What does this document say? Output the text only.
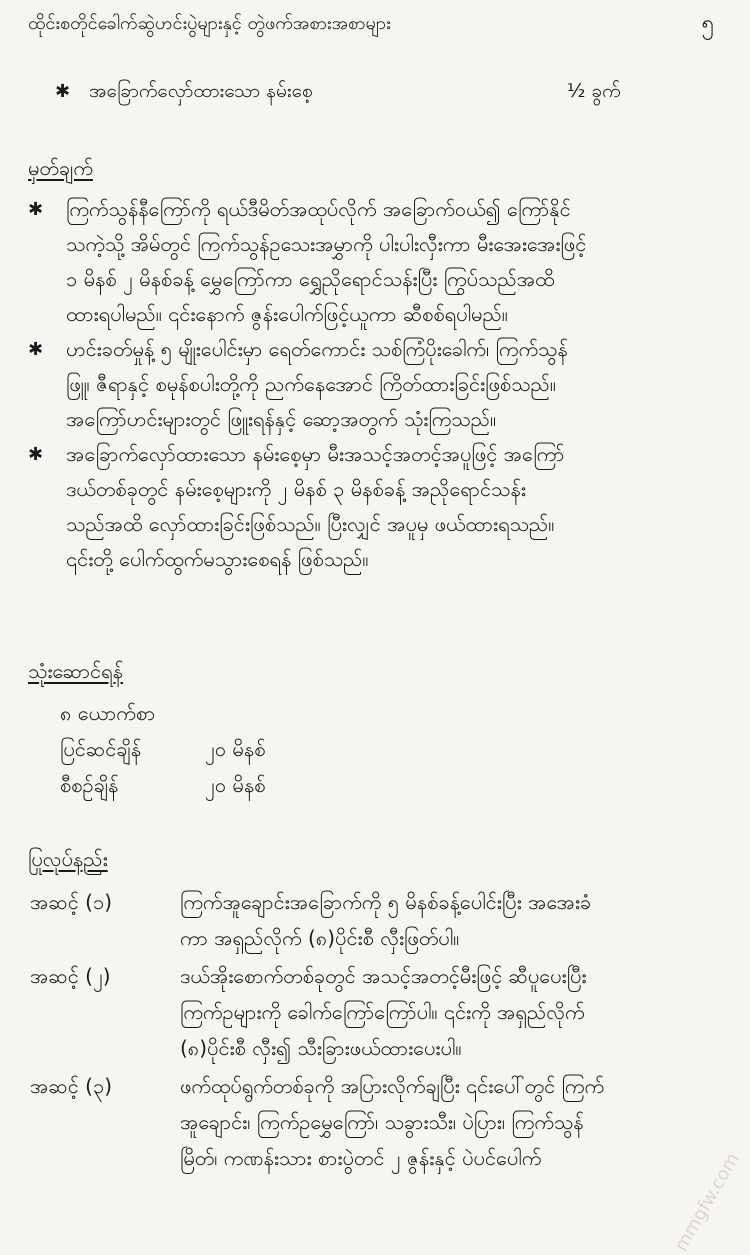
ထိုင်းစတိုင်ခေါက်ဆွဲဟင်းပွဲများနှင့် တွဲဖက်အစားအစာများ	၅
✱ အခြောက်လှော်ထားသော နမ်းစေ့	½ ခွက်
မှတ်ချက်
✱	ကြက်သွန်နီကြော်ကို ရယ်ဒီမိတ်အထုပ်လိုက် အခြောက်ဝယ်၍ ကြော်နိုင်
သကဲ့သို့ အိမ်တွင် ကြက်သွန်ဥသေးအမွှာကို ပါးပါးလှီးကာ မီးအေးအေးဖြင့်
၁ မိနစ် ၂ မိနစ်ခန့် မွှေကြော်ကာ ရွှေညိုရောင်သန်းပြီး ကြွပ်သည်အထိ
ထားရပါမည်။ ၎င်းနောက် ဇွန်းပေါက်ဖြင့်ယူကာ ဆီစစ်ရပါမည်။
✱	ဟင်းခတ်မှုန့် ၅ မျိုးပေါင်းမှာ ရေတ်ကောင်း သစ်ကြံပိုးခေါက်၊ ကြက်သွန်
ဖြူ၊ ဇီရာနှင့် စမုန်စပါးတို့ကို ညက်နေအောင် ကြိတ်ထားခြင်းဖြစ်သည်။
အကြော်ဟင်းများတွင် ဖြူးရန်နှင့် ဆော့အတွက် သုံးကြသည်။
✱	အခြောက်လှော်ထားသော နမ်းစေ့မှာ မီးအသင့်အတင့်အပူဖြင့် အကြော်
ဒယ်တစ်ခုတွင် နမ်းစေ့များကို ၂ မိနစ် ၃ မိနစ်ခန့် အညိုရောင်သန်း
သည်အထိ လှော်ထားခြင်းဖြစ်သည်။ ပြီးလျှင် အပူမှ ဖယ်ထားရသည်။
၎င်းတို့ ပေါက်ထွက်မသွားစေရန် ဖြစ်သည်။
သုံးဆောင်ရန်
၈ ယောက်စာ
ပြင်ဆင်ချိန်	၂၀ မိနစ်
စီစဉ်ချိန်	၂၀ မိနစ်
ပြုလုပ်နည်း
အဆင့် (၁)	ကြက်အူချောင်းအခြောက်ကို ၅ မိနစ်ခန့်ပေါင်းပြီး အအေးခံ
ကာ အရှည်လိုက် (၈)ပိုင်းစီ လှီးဖြတ်ပါ။
အဆင့် (၂)	ဒယ်အိုးစောက်တစ်ခုတွင် အသင့်အတင့်မီးဖြင့် ဆီပူပေးပြီး
ကြက်ဥများကို ခေါက်ကြော်ကြော်ပါ။ ၎င်းကို အရှည်လိုက်
(၈)ပိုင်းစီ လှီး၍ သီးခြားဖယ်ထားပေးပါ။
အဆင့် (၃)	ဖက်ထုပ်ရွက်တစ်ခုကို အပြားလိုက်ချပြီး ၎င်းပေါ်တွင် ကြက်
အူချောင်း၊ ကြက်ဥမွှေကြော်၊ သခွားသီး၊ ပဲပြား၊ ကြက်သွန်
မြိတ်၊ ကဏန်းသား စားပွဲတင် ၂ ဇွန်းနှင့် ပဲပင်ပေါက်	mmgfw.com
